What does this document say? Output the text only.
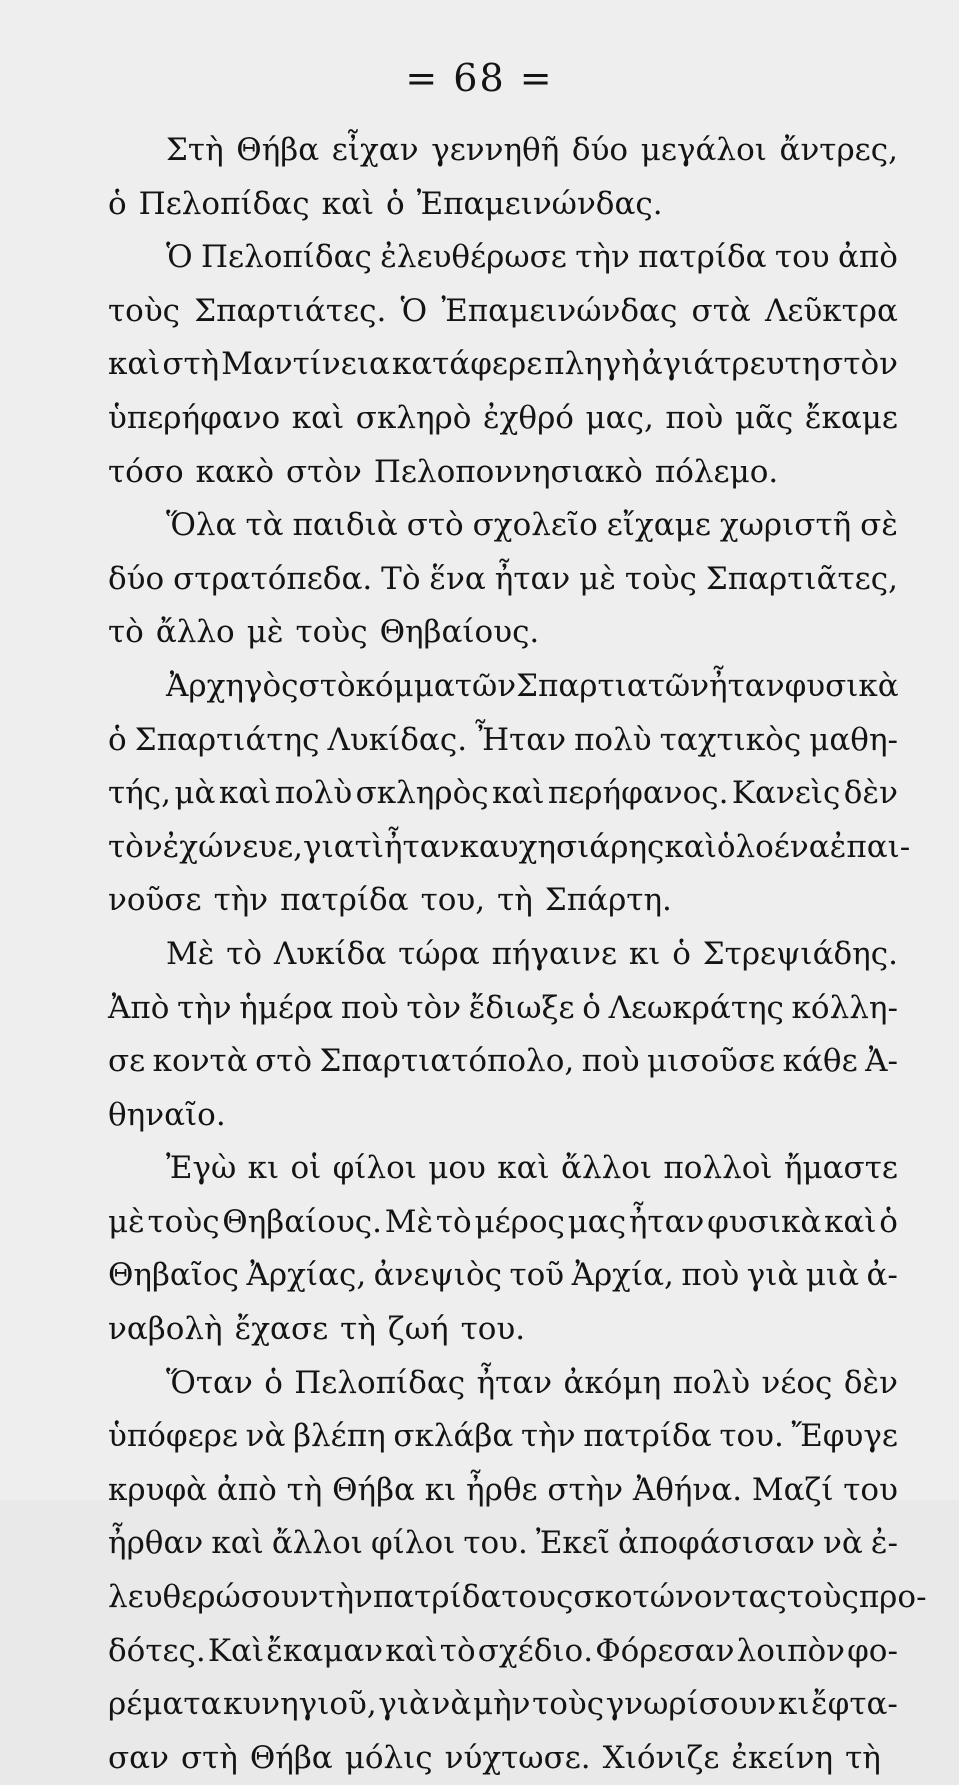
= 68 =
Στὴ Θήβα εἶχαν γεννηθῆ δύο μεγάλοι ἄντρες,
ὁ Πελοπίδας καὶ ὁ Ἐπαμεινώνδας.
Ὁ Πελοπίδας ἐλευθέρωσε τὴν πατρίδα του ἀπὸ
τοὺς Σπαρτιάτες. Ὁ Ἐπαμεινώνδας στὰ Λεῦκτρα
καὶ στὴ Μαντίνεια κατάφερε πληγὴ ἀγιάτρευτη στὸν
ὑπερήφανο καὶ σκληρὸ ἐχθρό μας, ποὺ μᾶς ἔκαμε
τόσο κακὸ στὸν Πελοποννησιακὸ πόλεμο.
Ὅλα τὰ παιδιὰ στὸ σχολεῖο εἴχαμε χωριστῆ σὲ
δύο στρατόπεδα. Τὸ ἕνα ἦταν μὲ τοὺς Σπαρτιᾶτες,
τὸ ἄλλο μὲ τοὺς Θηβαίους.
Ἀρχηγὸς στὸ κόμμα τῶν Σπαρτιατῶν ἦταν φυσικὰ
ὁ Σπαρτιάτης Λυκίδας. Ἦταν πολὺ ταχτικὸς μαθη-
τής, μὰ καὶ πολὺ σκληρὸς καὶ περήφανος. Κανεὶς δὲν
τὸν ἐχώνευε, γιατὶ ἦταν καυχησιάρης καὶ ὁλοένα ἐπαι-
νοῦσε τὴν πατρίδα του, τὴ Σπάρτη.
Μὲ τὸ Λυκίδα τώρα πήγαινε κι ὁ Στρεψιάδης.
Ἀπὸ τὴν ἡμέρα ποὺ τὸν ἔδιωξε ὁ Λεωκράτης κόλλη-
σε κοντὰ στὸ Σπαρτιατόπολο, ποὺ μισοῦσε κάθε Ἀ-
θηναῖο.
Ἐγὼ κι οἱ φίλοι μου καὶ ἄλλοι πολλοὶ ἤμαστε
μὲ τοὺς Θηβαίους. Μὲ τὸ μέρος μας ἦταν φυσικὰ καὶ ὁ
Θηβαῖος Ἀρχίας, ἀνεψιὸς τοῦ Ἀρχία, ποὺ γιὰ μιὰ ἀ-
ναβολὴ ἔχασε τὴ ζωή του.
Ὅταν ὁ Πελοπίδας ἦταν ἀκόμη πολὺ νέος δὲν
ὑπόφερε νὰ βλέπη σκλάβα τὴν πατρίδα του. Ἔφυγε
κρυφὰ ἀπὸ τὴ Θήβα κι ἦρθε στὴν Ἀθήνα. Μαζί του
ἦρθαν καὶ ἄλλοι φίλοι του. Ἐκεῖ ἀποφάσισαν νὰ ἐ-
λευθερώσουν τὴν πατρίδα τους σκοτώνοντας τοὺς προ-
δότες. Καὶ ἔκαμαν καὶ τὸ σχέδιο. Φόρεσαν λοιπὸν φο-
ρέματα κυνηγιοῦ, γιὰ νὰ μὴν τοὺς γνωρίσουν κι ἔφτα-
σαν στὴ Θήβα μόλις νύχτωσε. Χιόνιζε ἐκείνη τὴ
